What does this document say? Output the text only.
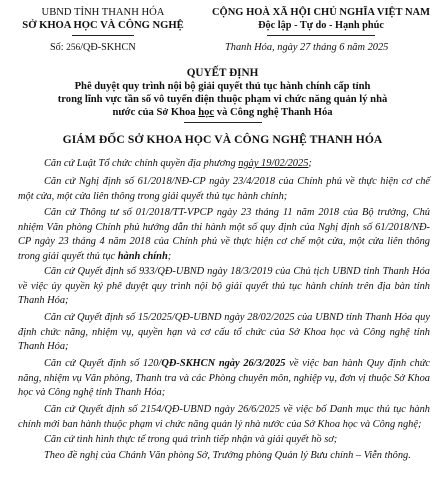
UBND TỈNH THANH HÓA
SỞ KHOA HỌC VÀ CÔNG NGHỆ
Số: 256/QĐ-SKHCN
CỘNG HOÀ XÃ HỘI CHỦ NGHĨA VIỆT NAM
Độc lập - Tự do - Hạnh phúc
Thanh Hóa, ngày 27 tháng 6 năm 2025
QUYẾT ĐỊNH
Phê duyệt quy trình nội bộ giải quyết thủ tục hành chính cấp tỉnh
trong lĩnh vực tần số vô tuyến điện thuộc phạm vi chức năng quản lý nhà
nước của Sở Khoa học và Công nghệ Thanh Hóa
GIÁM ĐỐC SỞ KHOA HỌC VÀ CÔNG NGHỆ THANH HÓA
Căn cứ Luật Tổ chức chính quyền địa phương ngày 19/02/2025;
Căn cứ Nghị định số 61/2018/NĐ-CP ngày 23/4/2018 của Chính phủ về thực hiện cơ chế một cửa, một cửa liên thông trong giải quyết thủ tục hành chính;
Căn cứ Thông tư số 01/2018/TT-VPCP ngày 23 tháng 11 năm 2018 của Bộ trưởng, Chủ nhiệm Văn phòng Chính phủ hướng dẫn thi hành một số quy định của Nghị định số 61/2018/NĐ-CP ngày 23 tháng 4 năm 2018 của Chính phủ về thực hiện cơ chế một cửa, một cửa liên thông trong giải quyết thủ tục hành chính;
Căn cứ Quyết định số 933/QĐ-UBND ngày 18/3/2019 của Chủ tịch UBND tỉnh Thanh Hóa về việc ủy quyền ký phê duyệt quy trình nội bộ giải quyết thủ tục hành chính trên địa bàn tỉnh Thanh Hóa;
Căn cứ Quyết định số 15/2025/QĐ-UBND ngày 28/02/2025 của UBND tỉnh Thanh Hóa quy định chức năng, nhiệm vụ, quyền hạn và cơ cấu tổ chức của Sở Khoa học và Công nghệ tỉnh Thanh Hóa;
Căn cứ Quyết định số 120/QĐ-SKHCN ngày 26/3/2025 về việc ban hành Quy định chức năng, nhiệm vụ Văn phòng, Thanh tra và các Phòng chuyên môn, nghiệp vụ, đơn vị thuộc Sở Khoa học và Công nghệ tỉnh Thanh Hóa;
Căn cứ Quyết định số 2154/QĐ-UBND ngày 26/6/2025 về việc bố Danh mục thủ tục hành chính mới ban hành thuộc phạm vi chức năng quản lý nhà nước của Sở Khoa học và Công nghệ;
Căn cứ tình hình thực tế trong quá trình tiếp nhận và giải quyết hồ sơ;
Theo đề nghị của Chánh Văn phòng Sở, Trưởng phòng Quản lý Bưu chính – Viễn thông.
